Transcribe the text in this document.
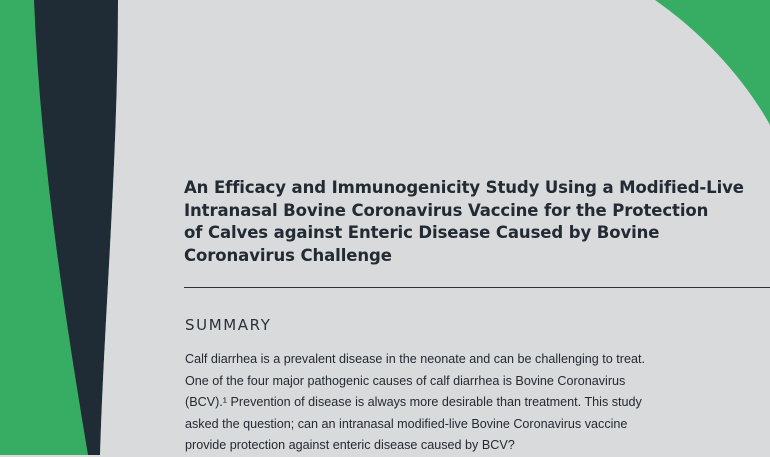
An Efficacy and Immunogenicity Study Using a Modified-Live
Intranasal Bovine Coronavirus Vaccine for the Protection
of Calves against Enteric Disease Caused by Bovine
Coronavirus Challenge
SUMMARY
Calf diarrhea is a prevalent disease in the neonate and can be challenging to treat.
One of the four major pathogenic causes of calf diarrhea is Bovine Coronavirus
(BCV).¹ Prevention of disease is always more desirable than treatment. This study
asked the question; can an intranasal modified-live Bovine Coronavirus vaccine
provide protection against enteric disease caused by BCV?
